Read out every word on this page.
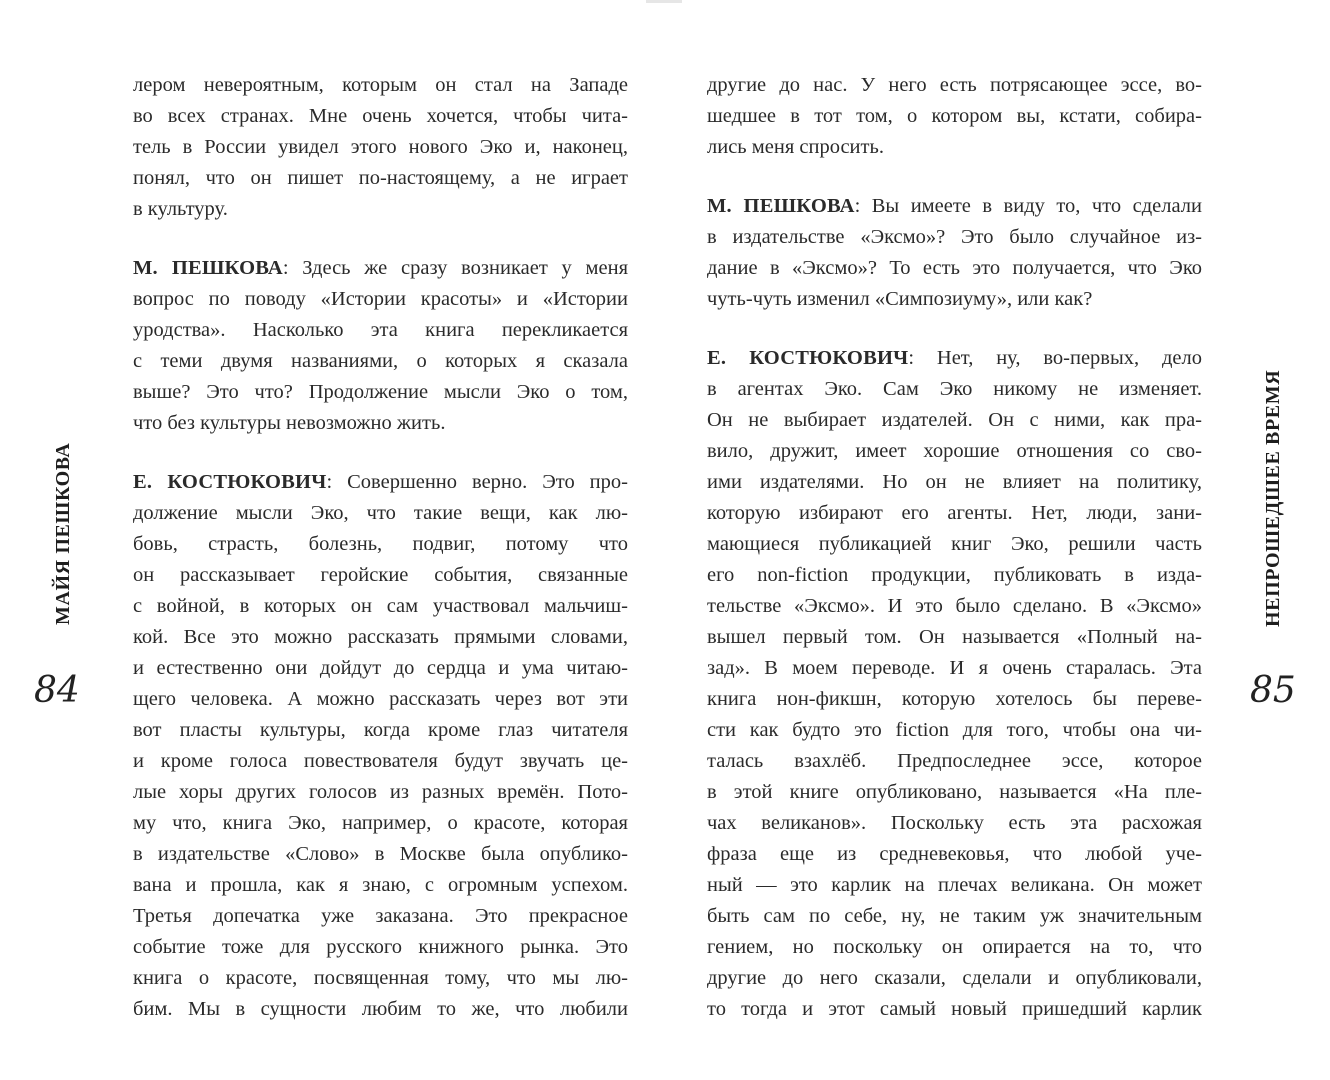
МАЙЯ ПЕШКОВА
84
лером невероятным, которым он стал на Западе
во всех странах. Мне очень хочется, чтобы чита-
тель в России увидел этого нового Эко и, наконец,
понял, что он пишет по-настоящему, а не играет
в культуру.
М. ПЕШКОВА: Здесь же сразу возникает у меня
вопрос по поводу «Истории красоты» и «Истории
уродства». Насколько эта книга перекликается
с теми двумя названиями, о которых я сказала
выше? Это что? Продолжение мысли Эко о том,
что без культуры невозможно жить.
Е. КОСТЮКОВИЧ: Совершенно верно. Это про-
должение мысли Эко, что такие вещи, как лю-
бовь, страсть, болезнь, подвиг, потому что
он рассказывает геройские события, связанные
с войной, в которых он сам участвовал мальчиш-
кой. Все это можно рассказать прямыми словами,
и естественно они дойдут до сердца и ума читаю-
щего человека. А можно рассказать через вот эти
вот пласты культуры, когда кроме глаз читателя
и кроме голоса повествователя будут звучать це-
лые хоры других голосов из разных времён. Пото-
му что, книга Эко, например, о красоте, которая
в издательстве «Слово» в Москве была опублико-
вана и прошла, как я знаю, с огромным успехом.
Третья допечатка уже заказана. Это прекрасное
событие тоже для русского книжного рынка. Это
книга о красоте, посвященная тому, что мы лю-
бим. Мы в сущности любим то же, что любили
другие до нас. У него есть потрясающее эссе, во-
шедшее в тот том, о котором вы, кстати, собира-
лись меня спросить.
М. ПЕШКОВА: Вы имеете в виду то, что сделали
в издательстве «Эксмо»? Это было случайное из-
дание в «Эксмо»? То есть это получается, что Эко
чуть-чуть изменил «Симпозиуму», или как?
Е. КОСТЮКОВИЧ: Нет, ну, во-первых, дело
в агентах Эко. Сам Эко никому не изменяет.
Он не выбирает издателей. Он с ними, как пра-
вило, дружит, имеет хорошие отношения со сво-
ими издателями. Но он не влияет на политику,
которую избирают его агенты. Нет, люди, зани-
мающиеся публикацией книг Эко, решили часть
его non-fiction продукции, публиковать в изда-
тельстве «Эксмо». И это было сделано. В «Эксмо»
вышел первый том. Он называется «Полный на-
зад». В моем переводе. И я очень старалась. Эта
книга нон-фикшн, которую хотелось бы переве-
сти как будто это fiction для того, чтобы она чи-
талась взахлёб. Предпоследнее эссе, которое
в этой книге опубликовано, называется «На пле-
чах великанов». Поскольку есть эта расхожая
фраза еще из средневековья, что любой уче-
ный — это карлик на плечах великана. Он может
быть сам по себе, ну, не таким уж значительным
гением, но поскольку он опирается на то, что
другие до него сказали, сделали и опубликовали,
то тогда и этот самый новый пришедший карлик
НЕПРОШЕДШЕЕ ВРЕМЯ
85
